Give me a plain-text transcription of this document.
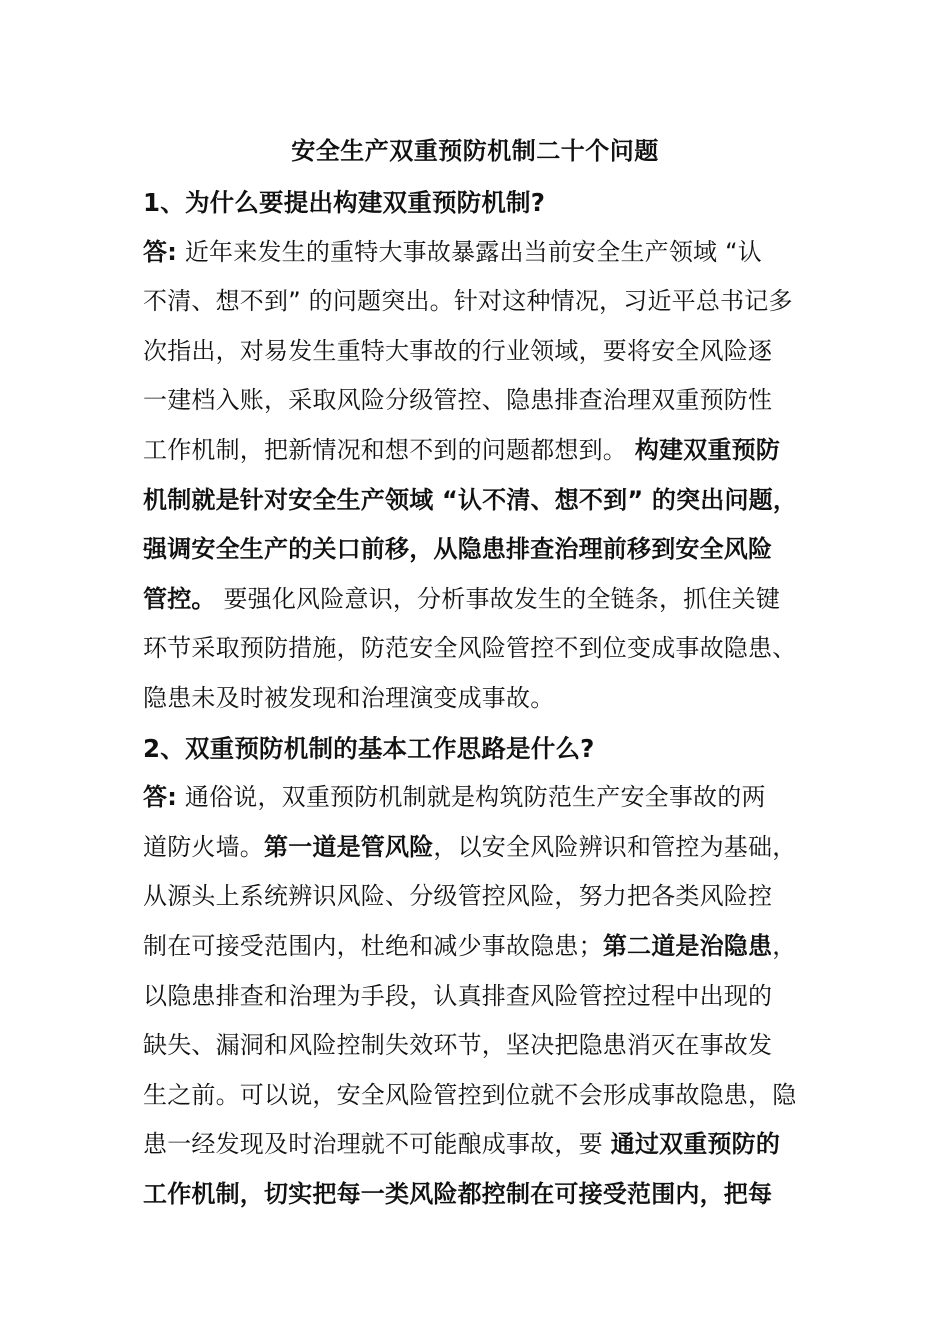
安全生产双重预防机制二十个问题
1、为什么要提出构建双重预防机制?
答: 近年来发生的重特大事故暴露出当前安全生产领域 “认
不清、想不到” 的问题突出。针对这种情况，习近平总书记多
次指出，对易发生重特大事故的行业领域，要将安全风险逐
一建档入账，采取风险分级管控、隐患排查治理双重预防性
工作机制，把新情况和想不到的问题都想到。 构建双重预防
机制就是针对安全生产领域 “认不清、想不到” 的突出问题，
强调安全生产的关口前移，从隐患排查治理前移到安全风险
管控。 要强化风险意识，分析事故发生的全链条，抓住关键
环节采取预防措施，防范安全风险管控不到位变成事故隐患、
隐患未及时被发现和治理演变成事故。
2、双重预防机制的基本工作思路是什么?
答: 通俗说，双重预防机制就是构筑防范生产安全事故的两
道防火墙。第一道是管风险，以安全风险辨识和管控为基础，
从源头上系统辨识风险、分级管控风险，努力把各类风险控
制在可接受范围内，杜绝和减少事故隐患；第二道是治隐患，
以隐患排查和治理为手段，认真排查风险管控过程中出现的
缺失、漏洞和风险控制失效环节，坚决把隐患消灭在事故发
生之前。可以说，安全风险管控到位就不会形成事故隐患，隐
患一经发现及时治理就不可能酿成事故，要 通过双重预防的
工作机制，切实把每一类风险都控制在可接受范围内，把每
